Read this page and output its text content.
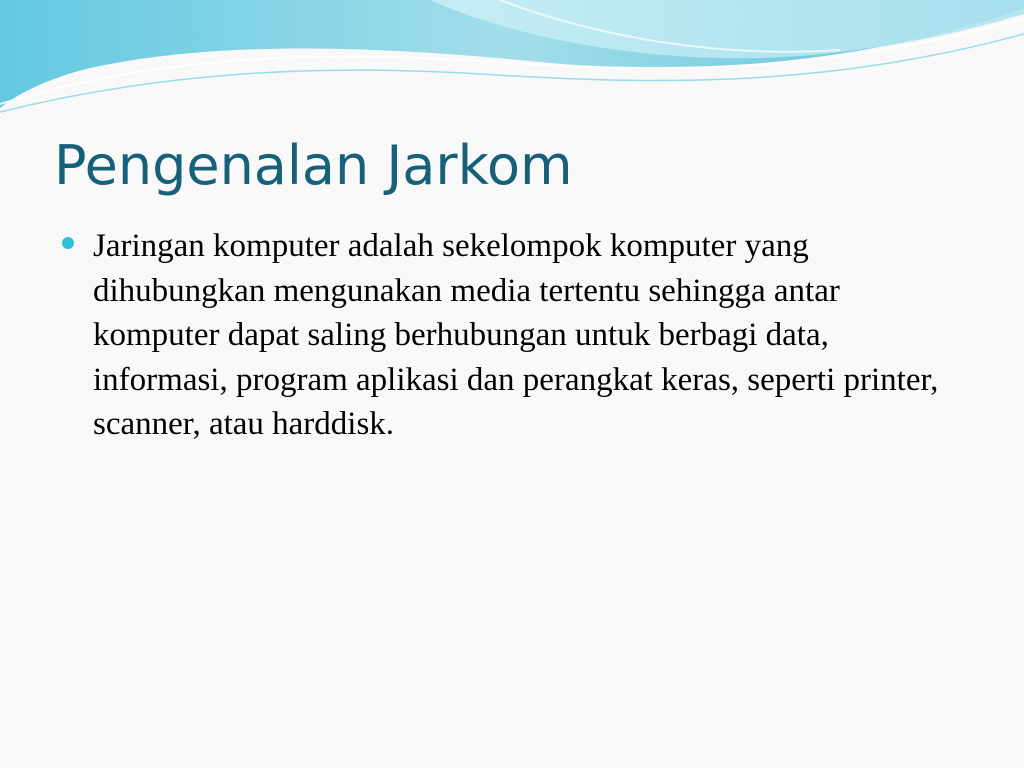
Pengenalan Jarkom

Jaringan komputer adalah sekelompok komputer yang dihubungkan mengunakan media tertentu sehingga antar komputer dapat saling berhubungan untuk berbagi data, informasi, program aplikasi dan perangkat keras, seperti printer, scanner, atau harddisk.
